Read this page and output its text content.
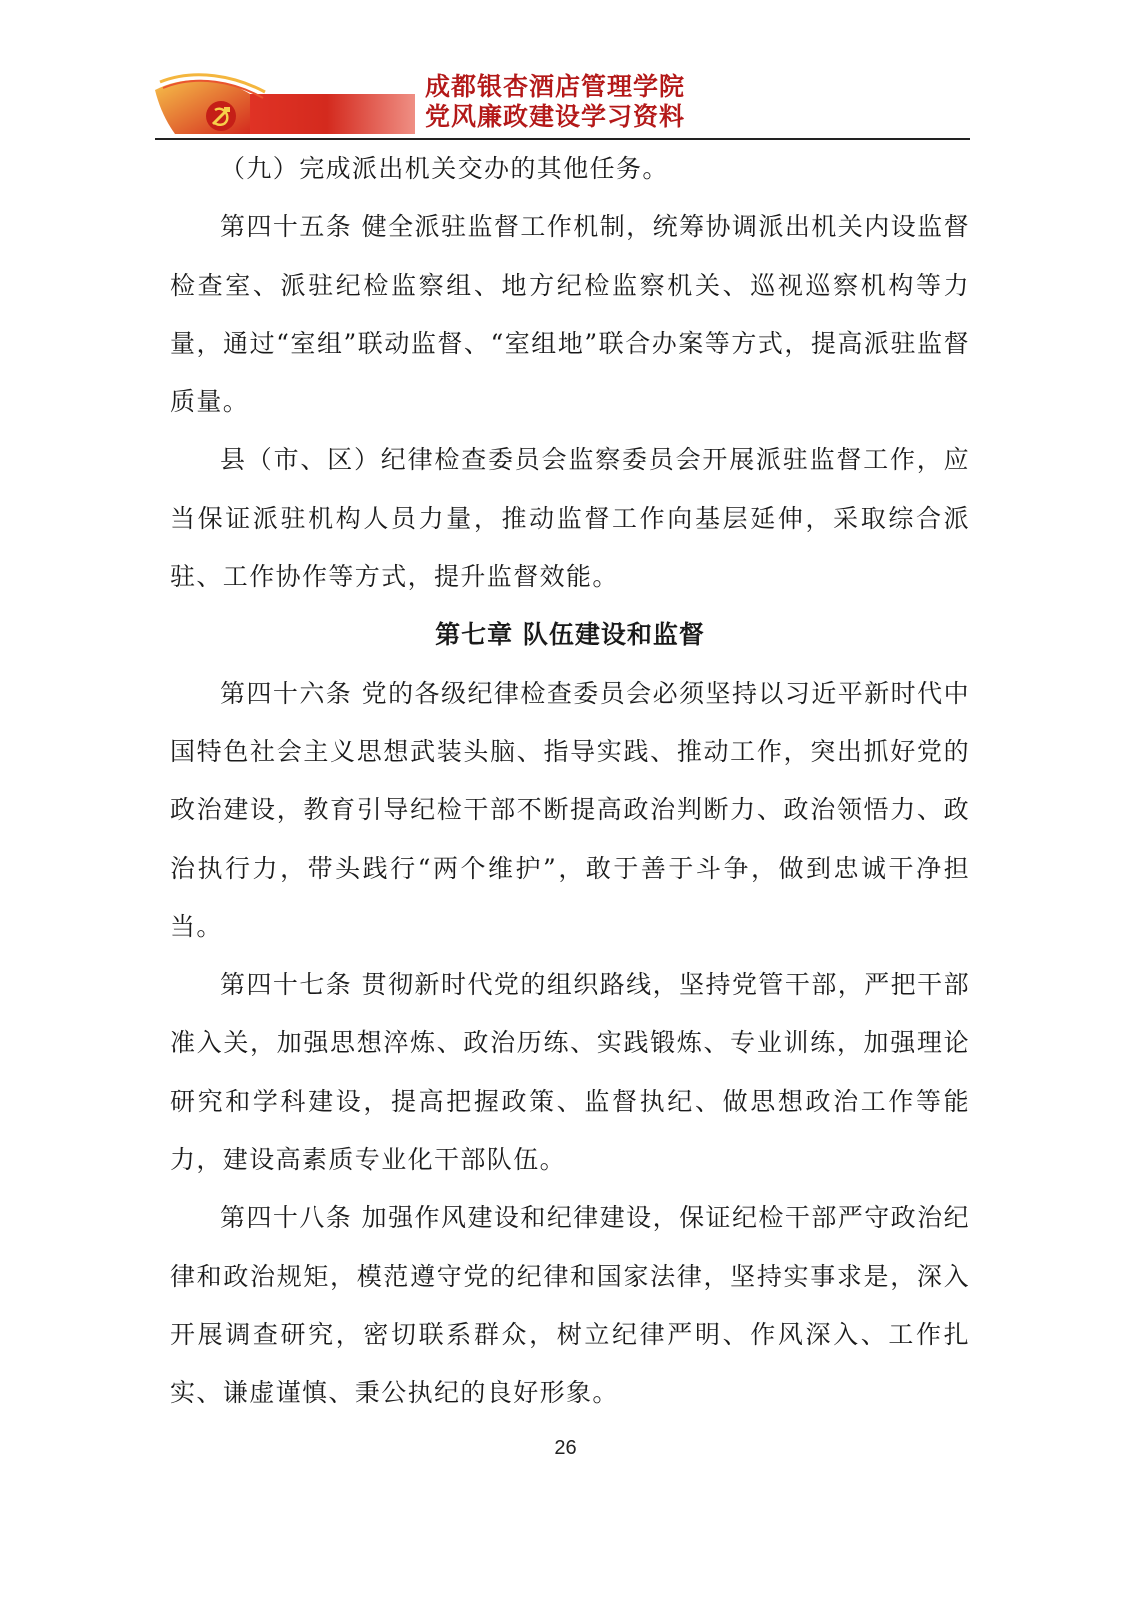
成都银杏酒店管理学院
党风廉政建设学习资料

（九）完成派出机关交办的其他任务。

第四十五条 健全派驻监督工作机制，统筹协调派出机关内设监督检查室、派驻纪检监察组、地方纪检监察机关、巡视巡察机构等力量，通过“室组”联动监督、“室组地”联合办案等方式，提高派驻监督质量。

县（市、区）纪律检查委员会监察委员会开展派驻监督工作，应当保证派驻机构人员力量，推动监督工作向基层延伸，采取综合派驻、工作协作等方式，提升监督效能。

第七章 队伍建设和监督

第四十六条 党的各级纪律检查委员会必须坚持以习近平新时代中国特色社会主义思想武装头脑、指导实践、推动工作，突出抓好党的政治建设，教育引导纪检干部不断提高政治判断力、政治领悟力、政治执行力，带头践行“两个维护”，敢于善于斗争，做到忠诚干净担当。

第四十七条 贯彻新时代党的组织路线，坚持党管干部，严把干部准入关，加强思想淬炼、政治历练、实践锻炼、专业训练，加强理论研究和学科建设，提高把握政策、监督执纪、做思想政治工作等能力，建设高素质专业化干部队伍。

第四十八条 加强作风建设和纪律建设，保证纪检干部严守政治纪律和政治规矩，模范遵守党的纪律和国家法律，坚持实事求是，深入开展调查研究，密切联系群众，树立纪律严明、作风深入、工作扎实、谦虚谨慎、秉公执纪的良好形象。

26
